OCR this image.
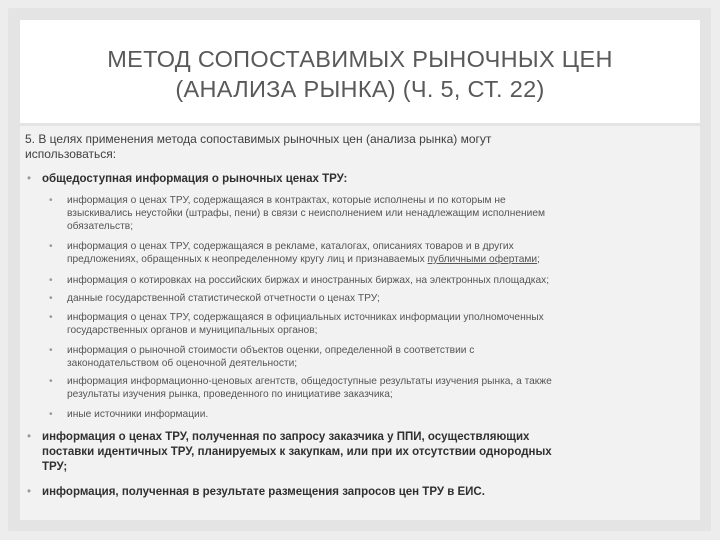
МЕТОД СОПОСТАВИМЫХ РЫНОЧНЫХ ЦЕН
(АНАЛИЗА РЫНКА) (Ч. 5, СТ. 22)

5. В целях применения метода сопоставимых рыночных цен (анализа рынка) могут
использоваться:

• общедоступная информация о рыночных ценах ТРУ:
• информация о ценах ТРУ, содержащаяся в контрактах, которые исполнены и по которым не
взыскивались неустойки (штрафы, пени) в связи с неисполнением или ненадлежащим исполнением
обязательств;
• информация о ценах ТРУ, содержащаяся в рекламе, каталогах, описаниях товаров и в других
предложениях, обращенных к неопределенному кругу лиц и признаваемых публичными офертами;
• информация о котировках на российских биржах и иностранных биржах, на электронных площадках;
• данные государственной статистической отчетности о ценах ТРУ;
• информация о ценах ТРУ, содержащаяся в официальных источниках информации уполномоченных
государственных органов и муниципальных органов;
• информация о рыночной стоимости объектов оценки, определенной в соответствии с
законодательством об оценочной деятельности;
• информация информационно-ценовых агентств, общедоступные результаты изучения рынка, а также
результаты изучения рынка, проведенного по инициативе заказчика;
• иные источники информации.
• информация о ценах ТРУ, полученная по запросу заказчика у ППИ, осуществляющих
поставки идентичных ТРУ, планируемых к закупкам, или при их отсутствии однородных
ТРУ;
• информация, полученная в результате размещения запросов цен ТРУ в ЕИС.
